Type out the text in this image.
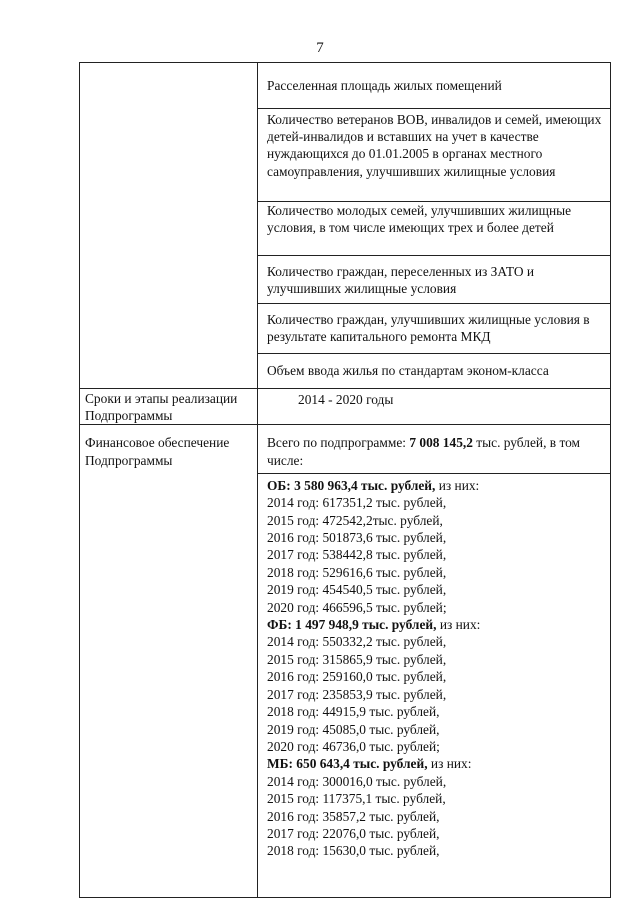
7

Расселенная площадь жилых помещений
Количество ветеранов ВОВ, инвалидов и семей, имеющих детей-инвалидов и вставших на учет в качестве нуждающихся до 01.01.2005 в органах местного самоуправления, улучшивших жилищные условия
Количество молодых семей, улучшивших жилищные условия, в том числе имеющих трех и более детей
Количество граждан, переселенных из ЗАТО и улучшивших жилищные условия
Количество граждан, улучшивших жилищные условия в результате капитального ремонта МКД
Объем ввода жилья по стандартам эконом-класса

Сроки и этапы реализации Подпрограммы	2014 - 2020 годы
Финансовое обеспечение Подпрограммы	Всего по подпрограмме: 7 008 145,2 тыс. рублей, в том числе:

ОБ: 3 580 963,4 тыс. рублей, из них:
2014 год: 617351,2 тыс. рублей,
2015 год: 472542,2тыс. рублей,
2016 год: 501873,6 тыс. рублей,
2017 год: 538442,8 тыс. рублей,
2018 год: 529616,6 тыс. рублей,
2019 год: 454540,5 тыс. рублей,
2020 год: 466596,5 тыс. рублей;
ФБ: 1 497 948,9 тыс. рублей, из них:
2014 год: 550332,2 тыс. рублей,
2015 год: 315865,9 тыс. рублей,
2016 год: 259160,0 тыс. рублей,
2017 год: 235853,9 тыс. рублей,
2018 год: 44915,9 тыс. рублей,
2019 год: 45085,0 тыс. рублей,
2020 год: 46736,0 тыс. рублей;
МБ: 650 643,4 тыс. рублей, из них:
2014 год: 300016,0 тыс. рублей,
2015 год: 117375,1 тыс. рублей,
2016 год: 35857,2 тыс. рублей,
2017 год: 22076,0 тыс. рублей,
2018 год: 15630,0 тыс. рублей,
